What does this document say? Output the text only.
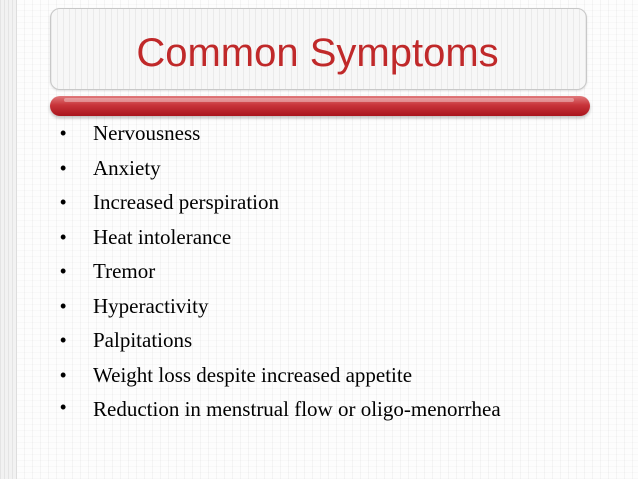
Common Symptoms
• Nervousness
• Anxiety
• Increased perspiration
• Heat intolerance
• Tremor
• Hyperactivity
• Palpitations
• Weight loss despite increased appetite
• Reduction in menstrual flow or oligo-menorrhea
